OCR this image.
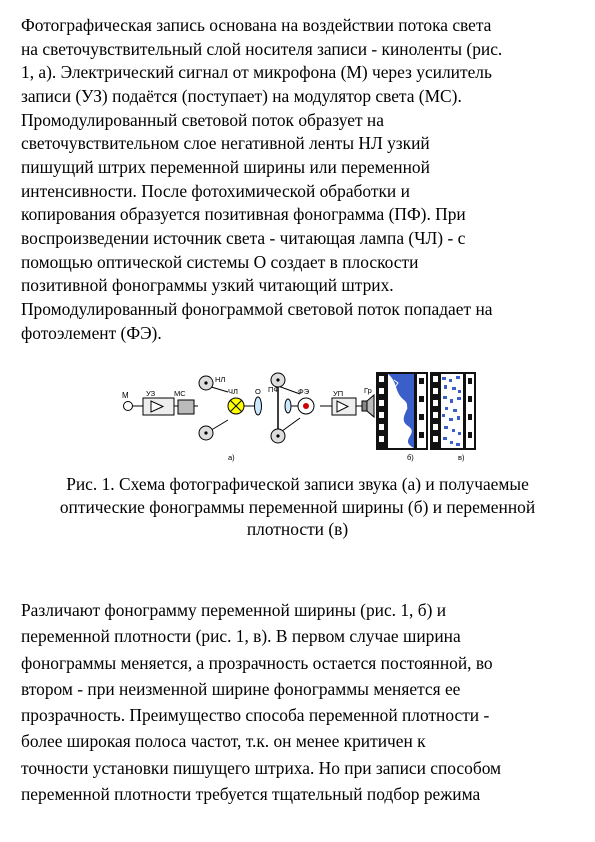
Фотографическая запись основана на воздействии потока света
на светочувствительный слой носителя записи - киноленты (рис.
1, а). Электрический сигнал от микрофона (М) через усилитель
записи (УЗ) подаётся (поступает) на модулятор света (МС).
Промодулированный световой поток образует на
светочувствительном слое негативной ленты НЛ узкий
пишущий штрих переменной ширины или переменной
интенсивности. После фотохимической обработки и
копирования образуется позитивная фонограмма (ПФ). При
воспроизведении источник света - читающая лампа (ЧЛ) - с
помощью оптической системы О создает в плоскости
позитивной фонограммы узкий читающий штрих.
Промодулированный фонограммой световой поток попадает на
фотоэлемент (ФЭ).

М УЗ	МС
НЛ
ЧЛ О ПФ	ФЭ	УП	Гр
а)	б)	в)

Рис. 1. Схема фотографической записи звука (а) и получаемые
оптические фонограммы переменной ширины (б) и переменной
плотности (в)

Различают фонограмму переменной ширины (рис. 1, б) и
переменной плотности (рис. 1, в). В первом случае ширина
фонограммы меняется, а прозрачность остается постоянной, во
втором - при неизменной ширине фонограммы меняется ее
прозрачность. Преимущество способа переменной плотности -
более широкая полоса частот, т.к. он менее критичен к
точности установки пишущего штриха. Но при записи способом
переменной плотности требуется тщательный подбор режима
